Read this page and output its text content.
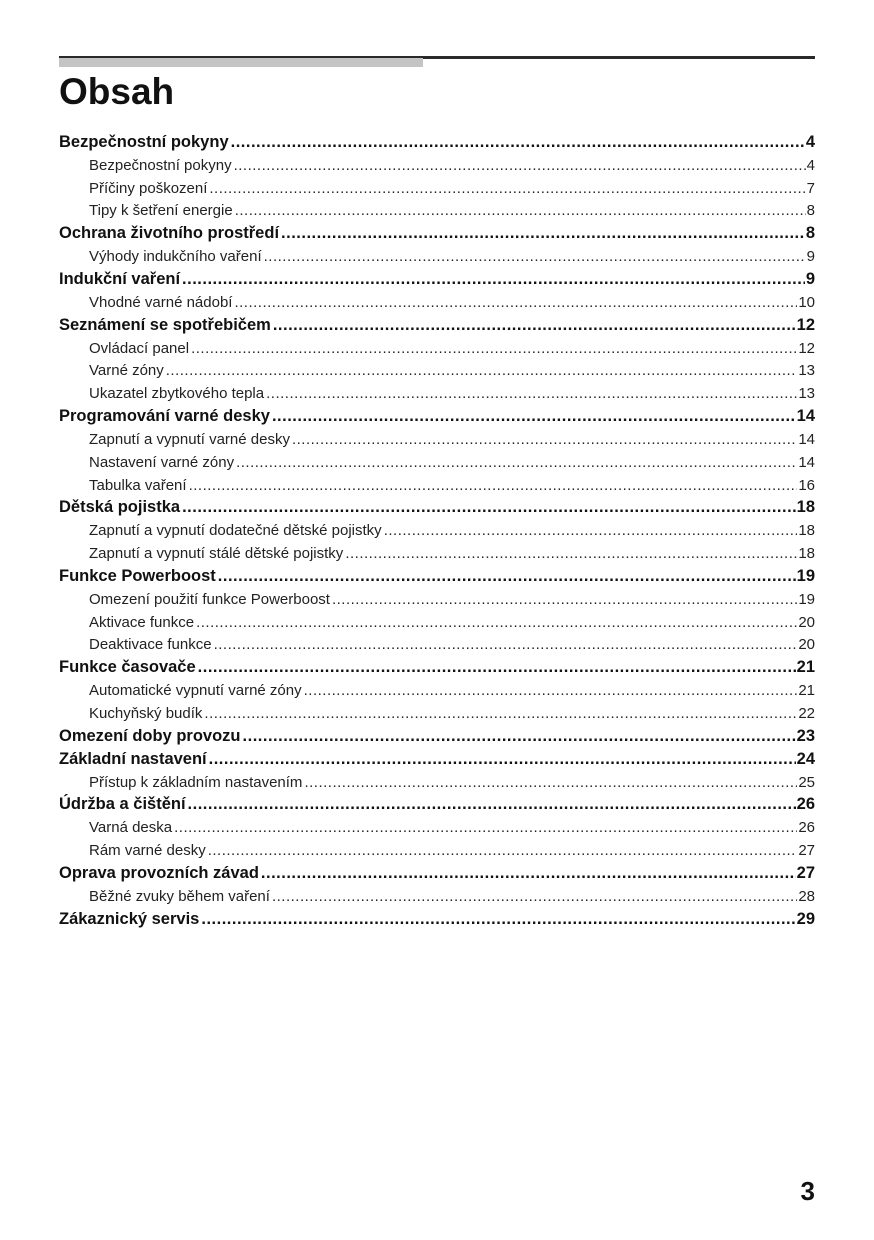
Obsah
Bezpečnostní pokyny .....	4
Bezpečnostní pokyny .....	4
Příčiny poškození .....	7
Tipy k šetření energie .....	8
Ochrana životního prostředí .....	8
Výhody indukčního vaření .....	9
Indukční vaření .....	9
Vhodné varné nádobí .....	10
Seznámení se spotřebičem .....	12
Ovládací panel .....	12
Varné zóny .....	13
Ukazatel zbytkového tepla .....	13
Programování varné desky .....	14
Zapnutí a vypnutí varné desky .....	14
Nastavení varné zóny .....	14
Tabulka vaření .....	16
Dětská pojistka .....	18
Zapnutí a vypnutí dodatečné dětské pojistky .....	18
Zapnutí a vypnutí stálé dětské pojistky .....	18
Funkce Powerboost .....	19
Omezení použití funkce Powerboost .....	19
Aktivace funkce .....	20
Deaktivace funkce .....	20
Funkce časovače .....	21
Automatické vypnutí varné zóny .....	21
Kuchyňský budík .....	22
Omezení doby provozu .....	23
Základní nastavení .....	24
Přístup k základním nastavením .....	25
Údržba a čištění .....	26
Varná deska .....	26
Rám varné desky .....	27
Oprava provozních závad .....	27
Běžné zvuky během vaření .....	28
Zákaznický servis .....	29
3
